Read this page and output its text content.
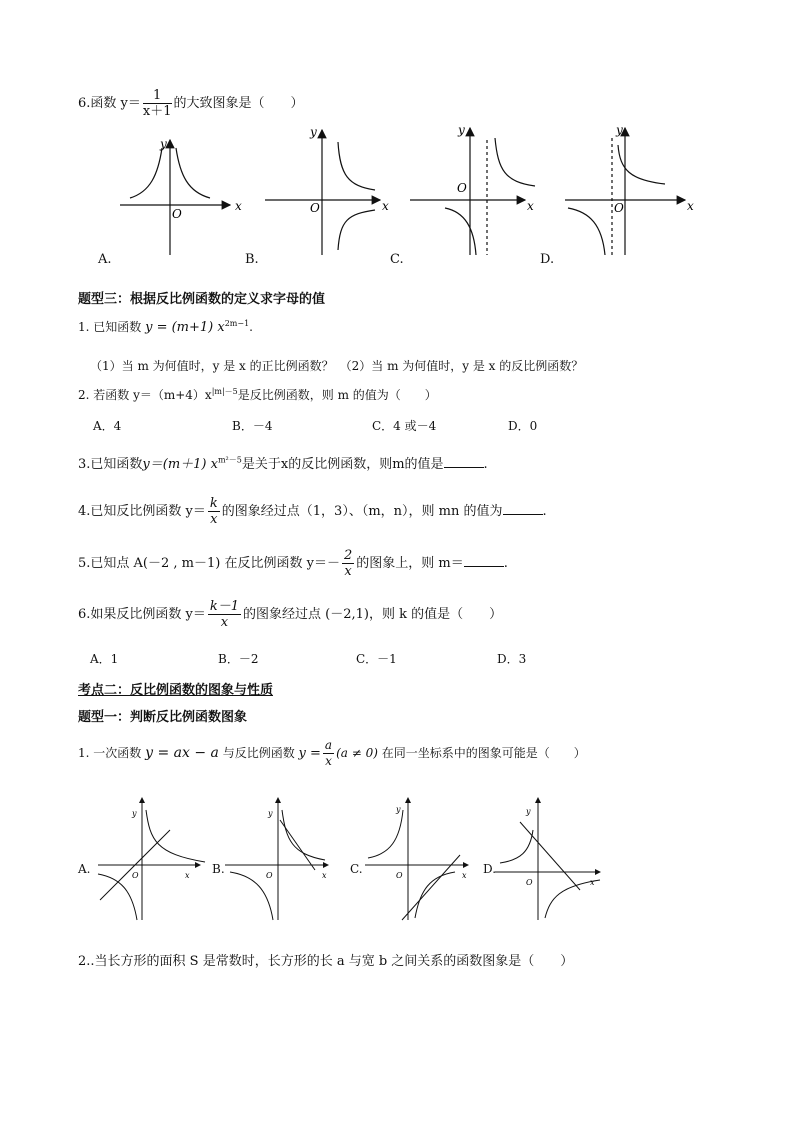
6.函数 $y= \frac{1}{x+1}$ 的大致图象是（　　）
x
y
O
x
y
O	x
y
O
x
y
O
A.	B.	C.	D.
题型三：根据反比例函数的定义求字母的值
1. 已知函数 y = (m+1) $x^{2m-1}$.
（1）当 m 为何值时，y 是 x 的正比例函数？　（2）当 m 为何值时，y 是 x 的反比例函数？
2. 若函数 $y=(m+4)x^{|m|-5}$是反比例函数，则 m 的值为（　　）
A．4	B．－4	C．4 或－4	D．0
3.已知函数y＝(m＋1) $x^{m^2-5}$是关于x的反比例函数，则m的值是	.
4.已知反比例函数 $y= \frac{k}{x}$ 的图象经过点（1，3）、（m，n），则 mn 的值为	.
5.已知点 A(－2 , m－1) 在反比例函数 $y=- \frac{2}{x}$ 的图象上，则 m＝	.
6.如果反比例函数 $y= \frac{k-1}{x}$ 的图象经过点 (－2,1)，则 k 的值是（　　）
A．1	B．－2	C．－1	D．3
考点二：反比例函数的图象与性质
题型一：判断反比例函数图象
1. 一次函数 y = ax − a 与反比例函数 $y = \frac{a}{x} (a \ne 0)$ 在同一坐标系中的图象可能是（　　）
x
y
O	x
y
O	x
y
O
x
y
O
A.	B.	C.	D.
2..当长方形的面积 S 是常数时，长方形的长 a 与宽 b 之间关系的函数图象是（　　）
